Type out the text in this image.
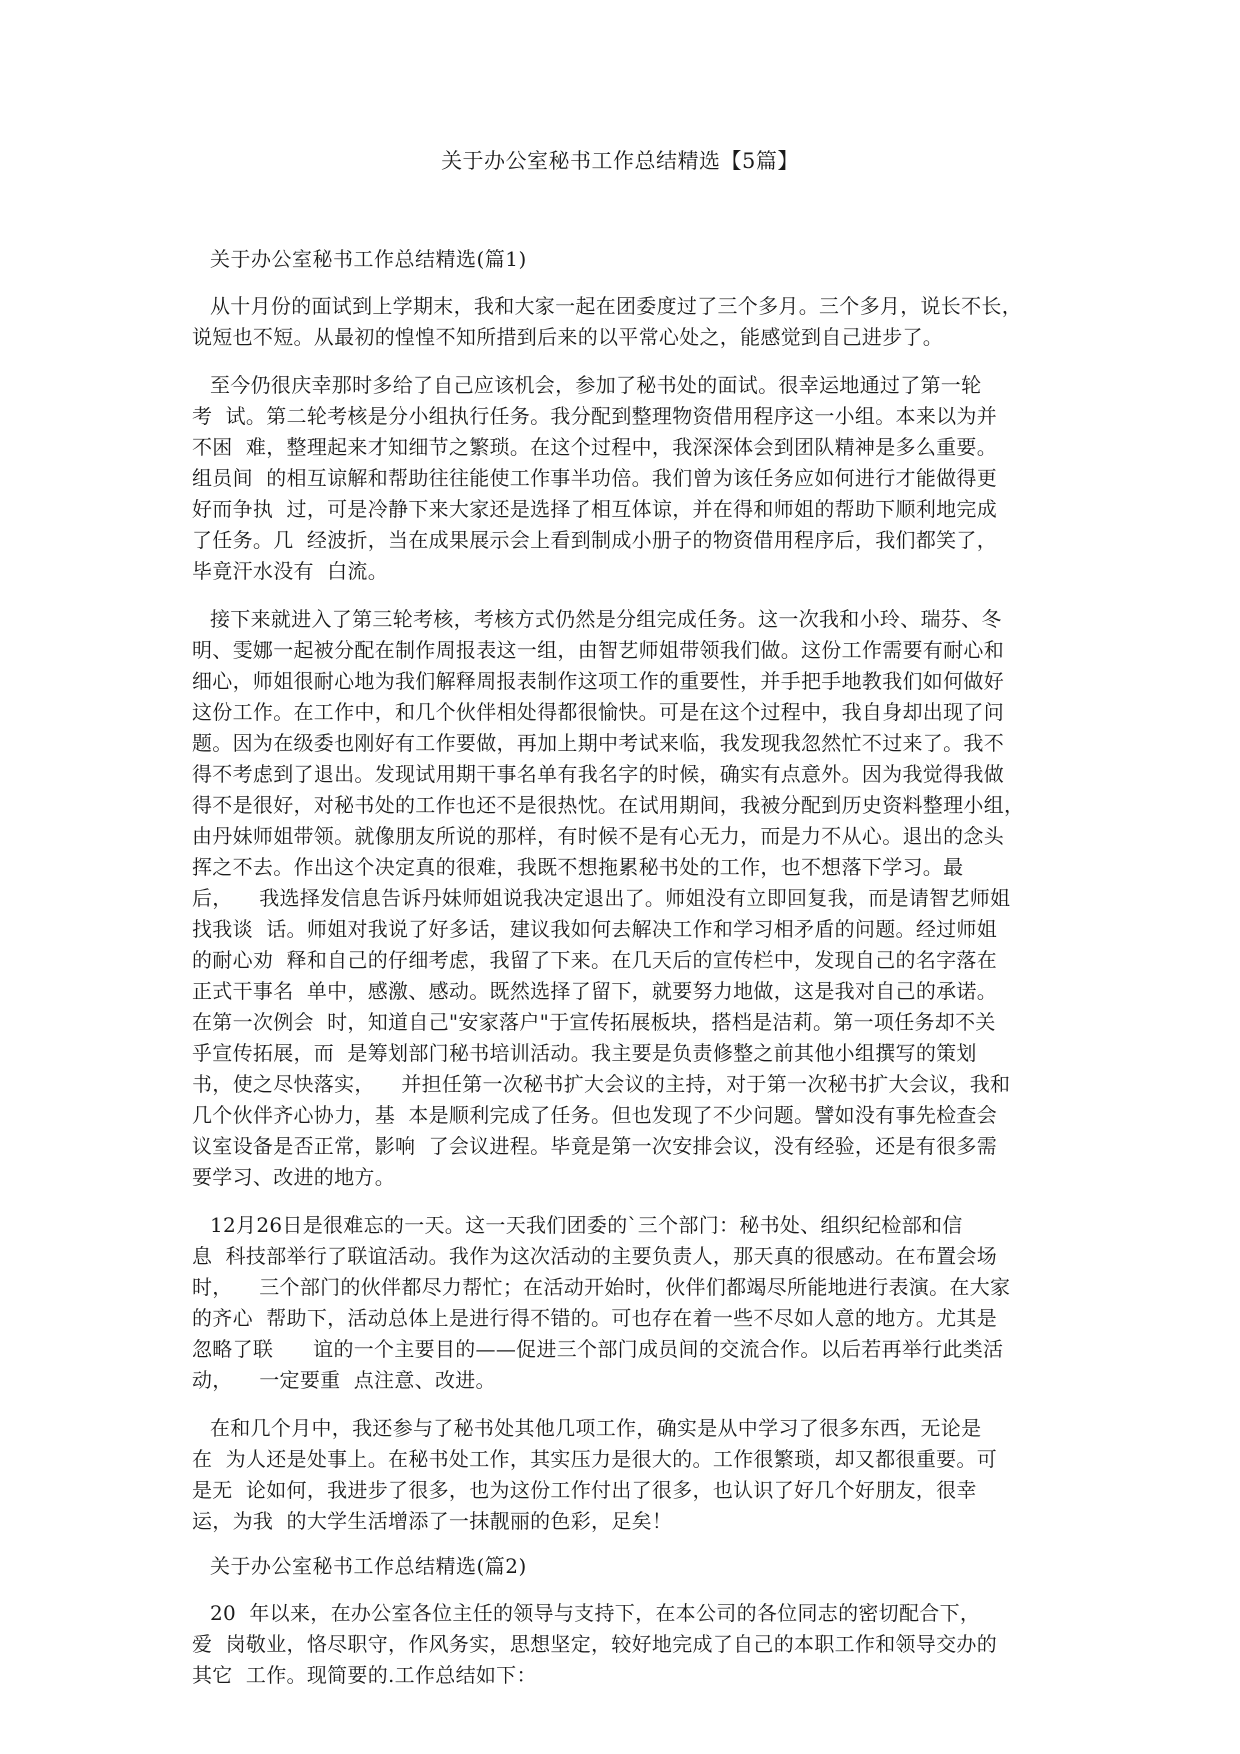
关于办公室秘书工作总结精选【5篇】
关于办公室秘书工作总结精选(篇1)
从十月份的面试到上学期末，我和大家一起在团委度过了三个多月。三个多月，说长不长，
说短也不短。从最初的惶惶不知所措到后来的以平常心处之，能感觉到自己进步了。
至今仍很庆幸那时多给了自己应该机会，参加了秘书处的面试。很幸运地通过了第一轮
考  试。第二轮考核是分小组执行任务。我分配到整理物资借用程序这一小组。本来以为并
不困  难，整理起来才知细节之繁琐。在这个过程中，我深深体会到团队精神是多么重要。
组员间  的相互谅解和帮助往往能使工作事半功倍。我们曾为该任务应如何进行才能做得更
好而争执  过，可是冷静下来大家还是选择了相互体谅，并在得和师姐的帮助下顺利地完成
了任务。几  经波折，当在成果展示会上看到制成小册子的物资借用程序后，我们都笑了，
毕竟汗水没有  白流。
接下来就进入了第三轮考核，考核方式仍然是分组完成任务。这一次我和小玲、瑞芬、冬
明、雯娜一起被分配在制作周报表这一组，由智艺师姐带领我们做。这份工作需要有耐心和
细心，师姐很耐心地为我们解释周报表制作这项工作的重要性，并手把手地教我们如何做好
这份工作。在工作中，和几个伙伴相处得都很愉快。可是在这个过程中，我自身却出现了问
题。因为在级委也刚好有工作要做，再加上期中考试来临，我发现我忽然忙不过来了。我不
得不考虑到了退出。发现试用期干事名单有我名字的时候，确实有点意外。因为我觉得我做
得不是很好，对秘书处的工作也还不是很热忱。在试用期间，我被分配到历史资料整理小组，
由丹妹师姐带领。就像朋友所说的那样，有时候不是有心无力，而是力不从心。退出的念头
挥之不去。作出这个决定真的很难，我既不想拖累秘书处的工作，也不想落下学习。最
后，    我选择发信息告诉丹妹师姐说我决定退出了。师姐没有立即回复我，而是请智艺师姐
找我谈  话。师姐对我说了好多话，建议我如何去解决工作和学习相矛盾的问题。经过师姐
的耐心劝  释和自己的仔细考虑，我留了下来。在几天后的宣传栏中，发现自己的名字落在
正式干事名  单中，感激、感动。既然选择了留下，就要努力地做，这是我对自己的承诺。
在第一次例会  时，知道自己"安家落户"于宣传拓展板块，搭档是洁莉。第一项任务却不关
乎宣传拓展，而  是筹划部门秘书培训活动。我主要是负责修整之前其他小组撰写的策划
书，使之尽快落实，    并担任第一次秘书扩大会议的主持，对于第一次秘书扩大会议，我和
几个伙伴齐心协力，基  本是顺利完成了任务。但也发现了不少问题。譬如没有事先检查会
议室设备是否正常，影响  了会议进程。毕竟是第一次安排会议，没有经验，还是有很多需
要学习、改进的地方。
12月26日是很难忘的一天。这一天我们团委的`三个部门：秘书处、组织纪检部和信
息  科技部举行了联谊活动。我作为这次活动的主要负责人，那天真的很感动。在布置会场
时，    三个部门的伙伴都尽力帮忙；在活动开始时，伙伴们都竭尽所能地进行表演。在大家
的齐心  帮助下，活动总体上是进行得不错的。可也存在着一些不尽如人意的地方。尤其是
忽略了联      谊的一个主要目的——促进三个部门成员间的交流合作。以后若再举行此类活
动，    一定要重  点注意、改进。
在和几个月中，我还参与了秘书处其他几项工作，确实是从中学习了很多东西，无论是
在  为人还是处事上。在秘书处工作，其实压力是很大的。工作很繁琐，却又都很重要。可
是无  论如何，我进步了很多，也为这份工作付出了很多，也认识了好几个好朋友，很幸
运，为我  的大学生活增添了一抹靓丽的色彩，足矣！
关于办公室秘书工作总结精选(篇2)
20  年以来，在办公室各位主任的领导与支持下，在本公司的各位同志的密切配合下，
爱  岗敬业，恪尽职守，作风务实，思想坚定，较好地完成了自己的本职工作和领导交办的
其它  工作。现简要的.工作总结如下：
